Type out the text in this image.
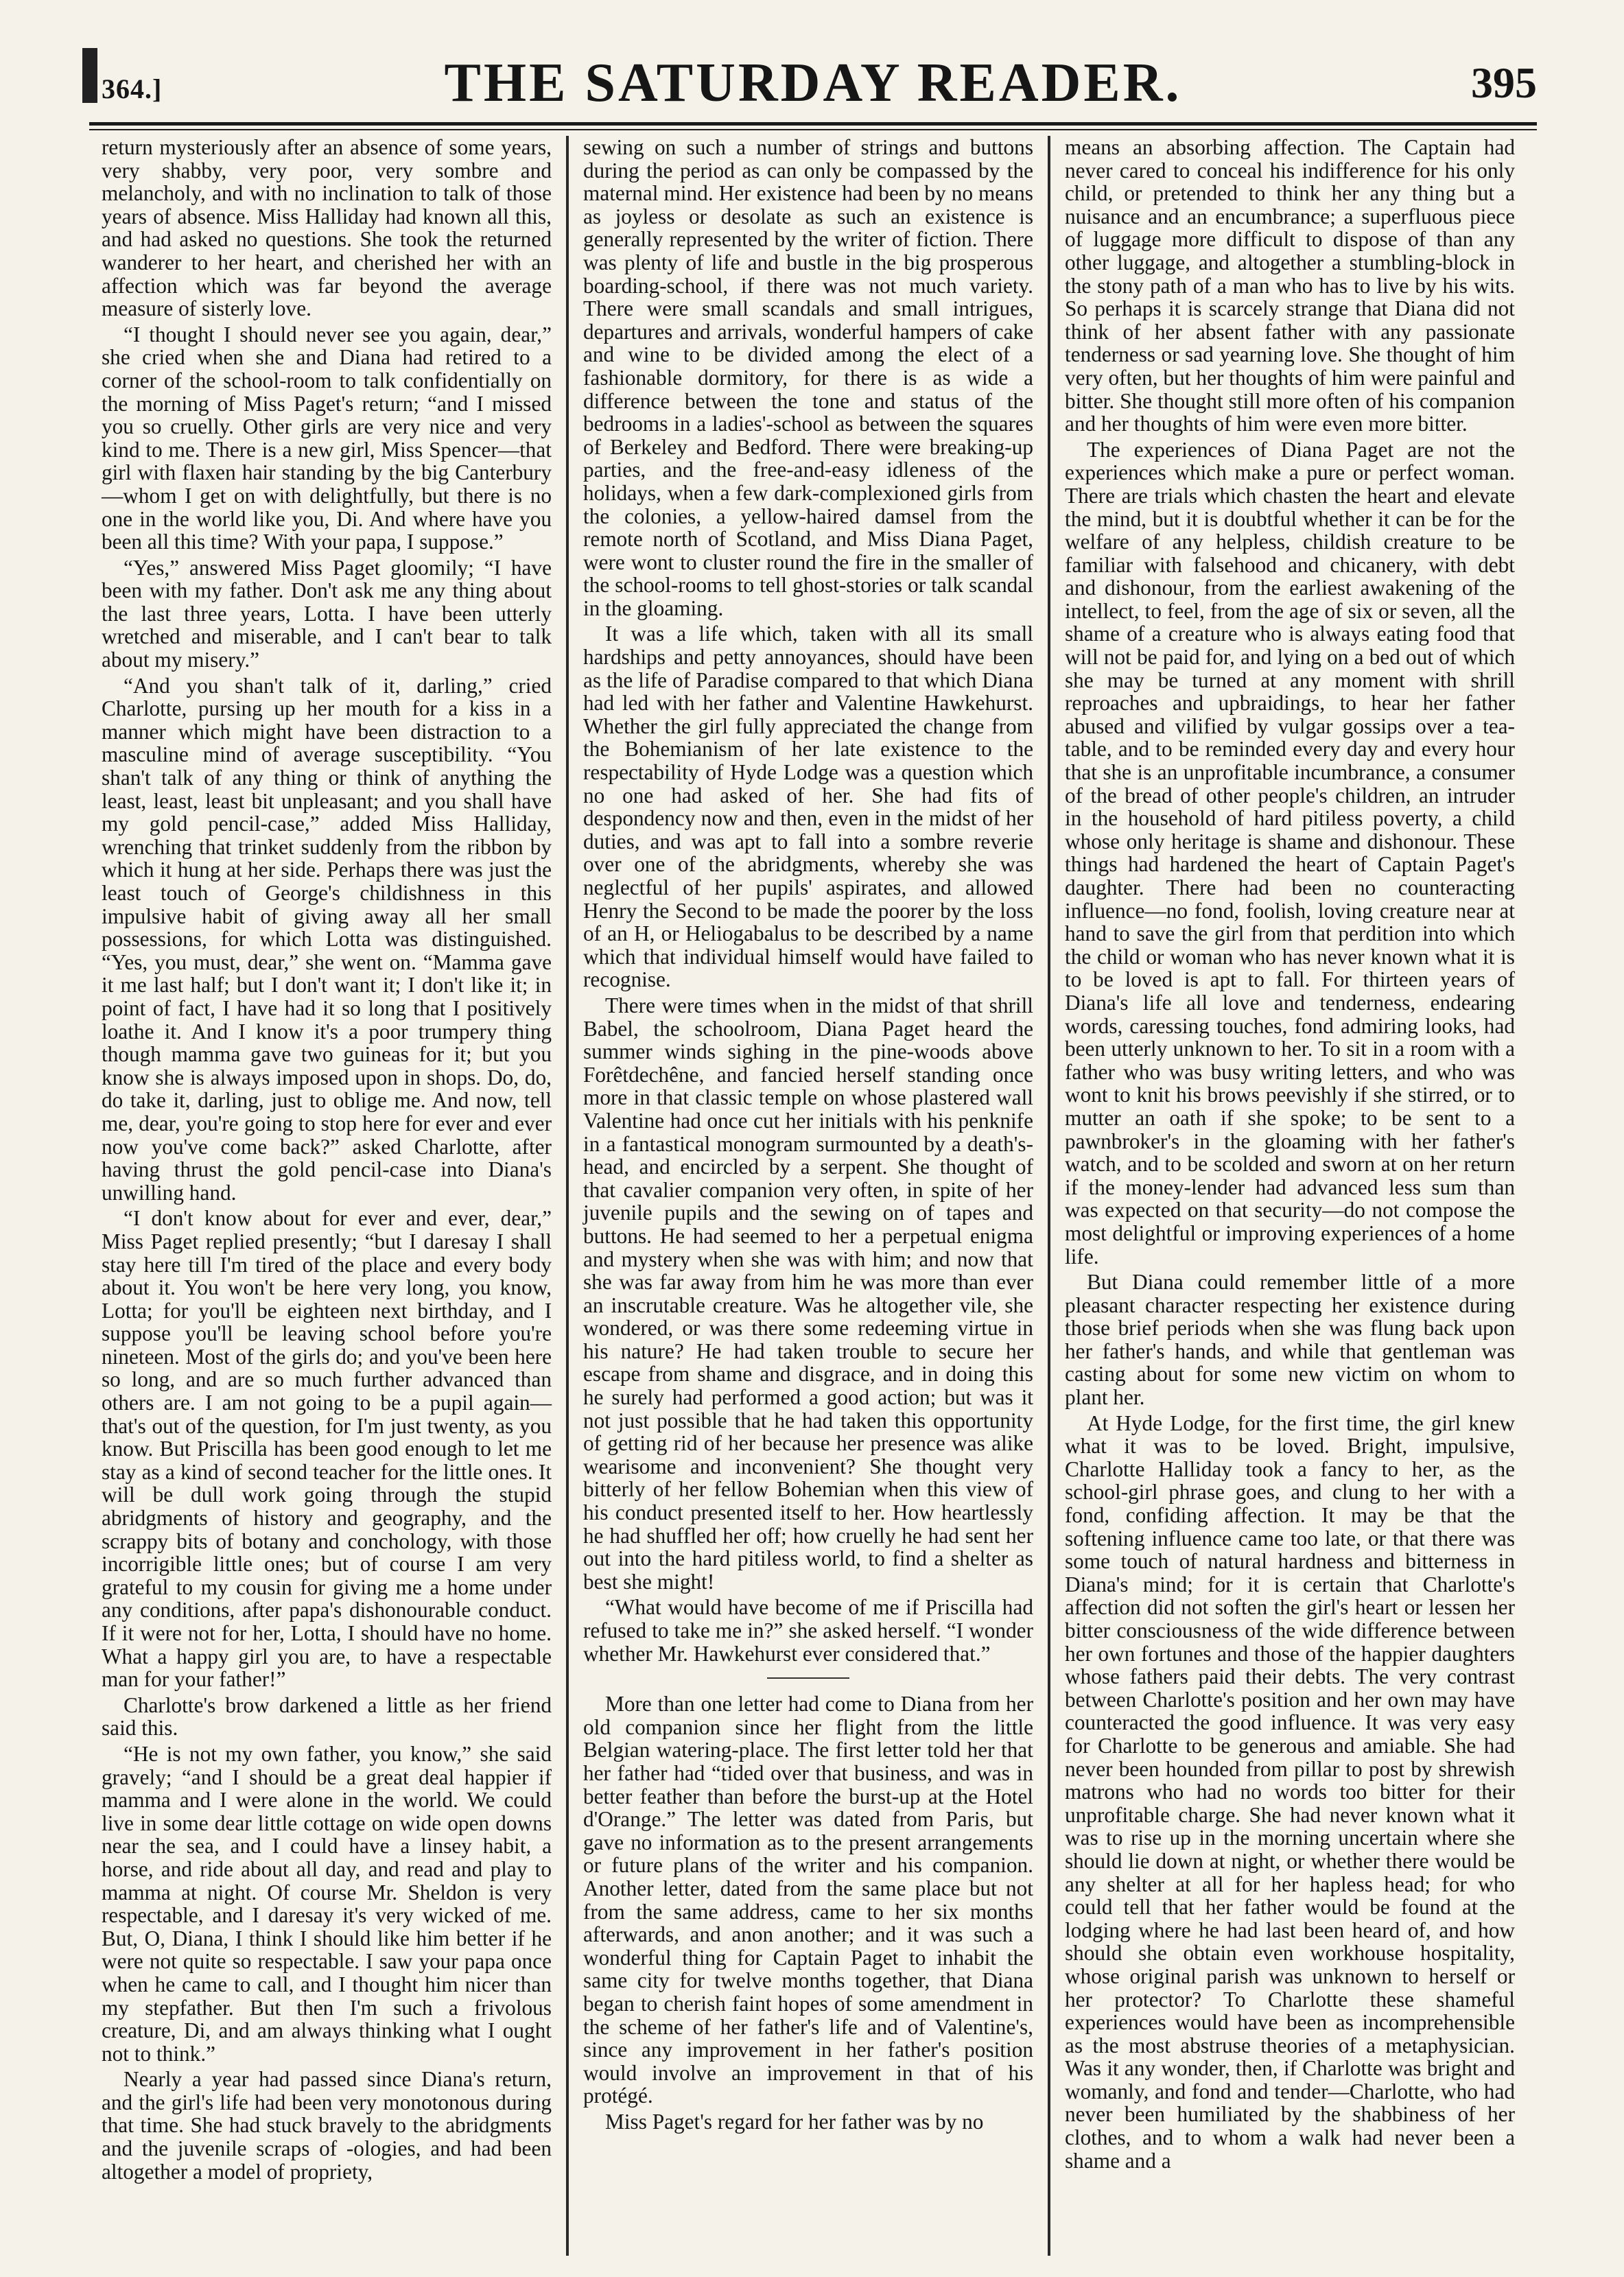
364.]	THE SATURDAY READER.	395

return mysteriously after an absence of some years, very shabby, very poor, very sombre and melancholy, and with no inclination to talk of those years of absence. Miss Halliday had known all this, and had asked no questions. She took the returned wanderer to her heart, and cherished her with an affection which was far beyond the average measure of sisterly love.

“I thought I should never see you again, dear,” she cried when she and Diana had retired to a corner of the school-room to talk confidentially on the morning of Miss Paget's return; “and I missed you so cruelly. Other girls are very nice and very kind to me. There is a new girl, Miss Spencer—that girl with flaxen hair standing by the big Canterbury—whom I get on with delightfully, but there is no one in the world like you, Di. And where have you been all this time? With your papa, I suppose.”

“Yes,” answered Miss Paget gloomily; “I have been with my father. Don't ask me any thing about the last three years, Lotta. I have been utterly wretched and miserable, and I can't bear to talk about my misery.”

“And you shan't talk of it, darling,” cried Charlotte, pursing up her mouth for a kiss in a manner which might have been distraction to a masculine mind of average susceptibility. “You shan't talk of any thing or think of anything the least, least, least bit unpleasant; and you shall have my gold pencil-case,” added Miss Halliday, wrenching that trinket suddenly from the ribbon by which it hung at her side. Perhaps there was just the least touch of George's childishness in this impulsive habit of giving away all her small possessions, for which Lotta was distinguished. “Yes, you must, dear,” she went on. “Mamma gave it me last half; but I don't want it; I don't like it; in point of fact, I have had it so long that I positively loathe it. And I know it's a poor trumpery thing though mamma gave two guineas for it; but you know she is always imposed upon in shops. Do, do, do take it, darling, just to oblige me. And now, tell me, dear, you're going to stop here for ever and ever now you've come back?” asked Charlotte, after having thrust the gold pencil-case into Diana's unwilling hand.

“I don't know about for ever and ever, dear,” Miss Paget replied presently; “but I daresay I shall stay here till I'm tired of the place and every body about it. You won't be here very long, you know, Lotta; for you'll be eighteen next birthday, and I suppose you'll be leaving school before you're nineteen. Most of the girls do; and you've been here so long, and are so much further advanced than others are. I am not going to be a pupil again—that's out of the question, for I'm just twenty, as you know. But Priscilla has been good enough to let me stay as a kind of second teacher for the little ones. It will be dull work going through the stupid abridgments of history and geography, and the scrappy bits of botany and conchology, with those incorrigible little ones; but of course I am very grateful to my cousin for giving me a home under any conditions, after papa's dishonourable conduct. If it were not for her, Lotta, I should have no home. What a happy girl you are, to have a respectable man for your father!”

Charlotte's brow darkened a little as her friend said this.

“He is not my own father, you know,” she said gravely; “and I should be a great deal happier if mamma and I were alone in the world. We could live in some dear little cottage on wide open downs near the sea, and I could have a linsey habit, a horse, and ride about all day, and read and play to mamma at night. Of course Mr. Sheldon is very respectable, and I daresay it's very wicked of me. But, O, Diana, I think I should like him better if he were not quite so respectable. I saw your papa once when he came to call, and I thought him nicer than my stepfather. But then I'm such a frivolous creature, Di, and am always thinking what I ought not to think.”

Nearly a year had passed since Diana's return, and the girl's life had been very monotonous during that time. She had stuck bravely to the abridgments and the juvenile scraps of -ologies, and had been altogether a model of propriety,

sewing on such a number of strings and buttons during the period as can only be compassed by the maternal mind. Her existence had been by no means as joyless or desolate as such an existence is generally represented by the writer of fiction. There was plenty of life and bustle in the big prosperous boarding-school, if there was not much variety. There were small scandals and small intrigues, departures and arrivals, wonderful hampers of cake and wine to be divided among the elect of a fashionable dormitory, for there is as wide a difference between the tone and status of the bedrooms in a ladies'-school as between the squares of Berkeley and Bedford. There were breaking-up parties, and the free-and-easy idleness of the holidays, when a few dark-complexioned girls from the colonies, a yellow-haired damsel from the remote north of Scotland, and Miss Diana Paget, were wont to cluster round the fire in the smaller of the school-rooms to tell ghost-stories or talk scandal in the gloaming.

It was a life which, taken with all its small hardships and petty annoyances, should have been as the life of Paradise compared to that which Diana had led with her father and Valentine Hawkehurst. Whether the girl fully appreciated the change from the Bohemianism of her late existence to the respectability of Hyde Lodge was a question which no one had asked of her. She had fits of despondency now and then, even in the midst of her duties, and was apt to fall into a sombre reverie over one of the abridgments, whereby she was neglectful of her pupils' aspirates, and allowed Henry the Second to be made the poorer by the loss of an H, or Heliogabalus to be described by a name which that individual himself would have failed to recognise.

There were times when in the midst of that shrill Babel, the schoolroom, Diana Paget heard the summer winds sighing in the pine-woods above Forêtdechêne, and fancied herself standing once more in that classic temple on whose plastered wall Valentine had once cut her initials with his penknife in a fantastical monogram surmounted by a death's-head, and encircled by a serpent. She thought of that cavalier companion very often, in spite of her juvenile pupils and the sewing on of tapes and buttons. He had seemed to her a perpetual enigma and mystery when she was with him; and now that she was far away from him he was more than ever an inscrutable creature. Was he altogether vile, she wondered, or was there some redeeming virtue in his nature? He had taken trouble to secure her escape from shame and disgrace, and in doing this he surely had performed a good action; but was it not just possible that he had taken this opportunity of getting rid of her because her presence was alike wearisome and inconvenient? She thought very bitterly of her fellow Bohemian when this view of his conduct presented itself to her. How heartlessly he had shuffled her off; how cruelly he had sent her out into the hard pitiless world, to find a shelter as best she might!

“What would have become of me if Priscilla had refused to take me in?” she asked herself. “I wonder whether Mr. Hawkehurst ever considered that.”

More than one letter had come to Diana from her old companion since her flight from the little Belgian watering-place. The first letter told her that her father had “tided over that business, and was in better feather than before the burst-up at the Hotel d'Orange.” The letter was dated from Paris, but gave no information as to the present arrangements or future plans of the writer and his companion. Another letter, dated from the same place but not from the same address, came to her six months afterwards, and anon another; and it was such a wonderful thing for Captain Paget to inhabit the same city for twelve months together, that Diana began to cherish faint hopes of some amendment in the scheme of her father's life and of Valentine's, since any improvement in her father's position would involve an improvement in that of his protégé.

Miss Paget's regard for her father was by no

means an absorbing affection. The Captain had never cared to conceal his indifference for his only child, or pretended to think her any thing but a nuisance and an encumbrance; a superfluous piece of luggage more difficult to dispose of than any other luggage, and altogether a stumbling-block in the stony path of a man who has to live by his wits. So perhaps it is scarcely strange that Diana did not think of her absent father with any passionate tenderness or sad yearning love. She thought of him very often, but her thoughts of him were painful and bitter. She thought still more often of his companion and her thoughts of him were even more bitter.

The experiences of Diana Paget are not the experiences which make a pure or perfect woman. There are trials which chasten the heart and elevate the mind, but it is doubtful whether it can be for the welfare of any helpless, childish creature to be familiar with falsehood and chicanery, with debt and dishonour, from the earliest awakening of the intellect, to feel, from the age of six or seven, all the shame of a creature who is always eating food that will not be paid for, and lying on a bed out of which she may be turned at any moment with shrill reproaches and upbraidings, to hear her father abused and vilified by vulgar gossips over a tea-table, and to be reminded every day and every hour that she is an unprofitable incumbrance, a consumer of the bread of other people's children, an intruder in the household of hard pitiless poverty, a child whose only heritage is shame and dishonour. These things had hardened the heart of Captain Paget's daughter. There had been no counteracting influence—no fond, foolish, loving creature near at hand to save the girl from that perdition into which the child or woman who has never known what it is to be loved is apt to fall. For thirteen years of Diana's life all love and tenderness, endearing words, caressing touches, fond admiring looks, had been utterly unknown to her. To sit in a room with a father who was busy writing letters, and who was wont to knit his brows peevishly if she stirred, or to mutter an oath if she spoke; to be sent to a pawnbroker's in the gloaming with her father's watch, and to be scolded and sworn at on her return if the money-lender had advanced less sum than was expected on that security—do not compose the most delightful or improving experiences of a home life.

But Diana could remember little of a more pleasant character respecting her existence during those brief periods when she was flung back upon her father's hands, and while that gentleman was casting about for some new victim on whom to plant her.

At Hyde Lodge, for the first time, the girl knew what it was to be loved. Bright, impulsive, Charlotte Halliday took a fancy to her, as the school-girl phrase goes, and clung to her with a fond, confiding affection. It may be that the softening influence came too late, or that there was some touch of natural hardness and bitterness in Diana's mind; for it is certain that Charlotte's affection did not soften the girl's heart or lessen her bitter consciousness of the wide difference between her own fortunes and those of the happier daughters whose fathers paid their debts. The very contrast between Charlotte's position and her own may have counteracted the good influence. It was very easy for Charlotte to be generous and amiable. She had never been hounded from pillar to post by shrewish matrons who had no words too bitter for their unprofitable charge. She had never known what it was to rise up in the morning uncertain where she should lie down at night, or whether there would be any shelter at all for her hapless head; for who could tell that her father would be found at the lodging where he had last been heard of, and how should she obtain even workhouse hospitality, whose original parish was unknown to herself or her protector? To Charlotte these shameful experiences would have been as incomprehensible as the most abstruse theories of a metaphysician. Was it any wonder, then, if Charlotte was bright and womanly, and fond and tender—Charlotte, who had never been humiliated by the shabbiness of her clothes, and to whom a walk had never been a shame and a
